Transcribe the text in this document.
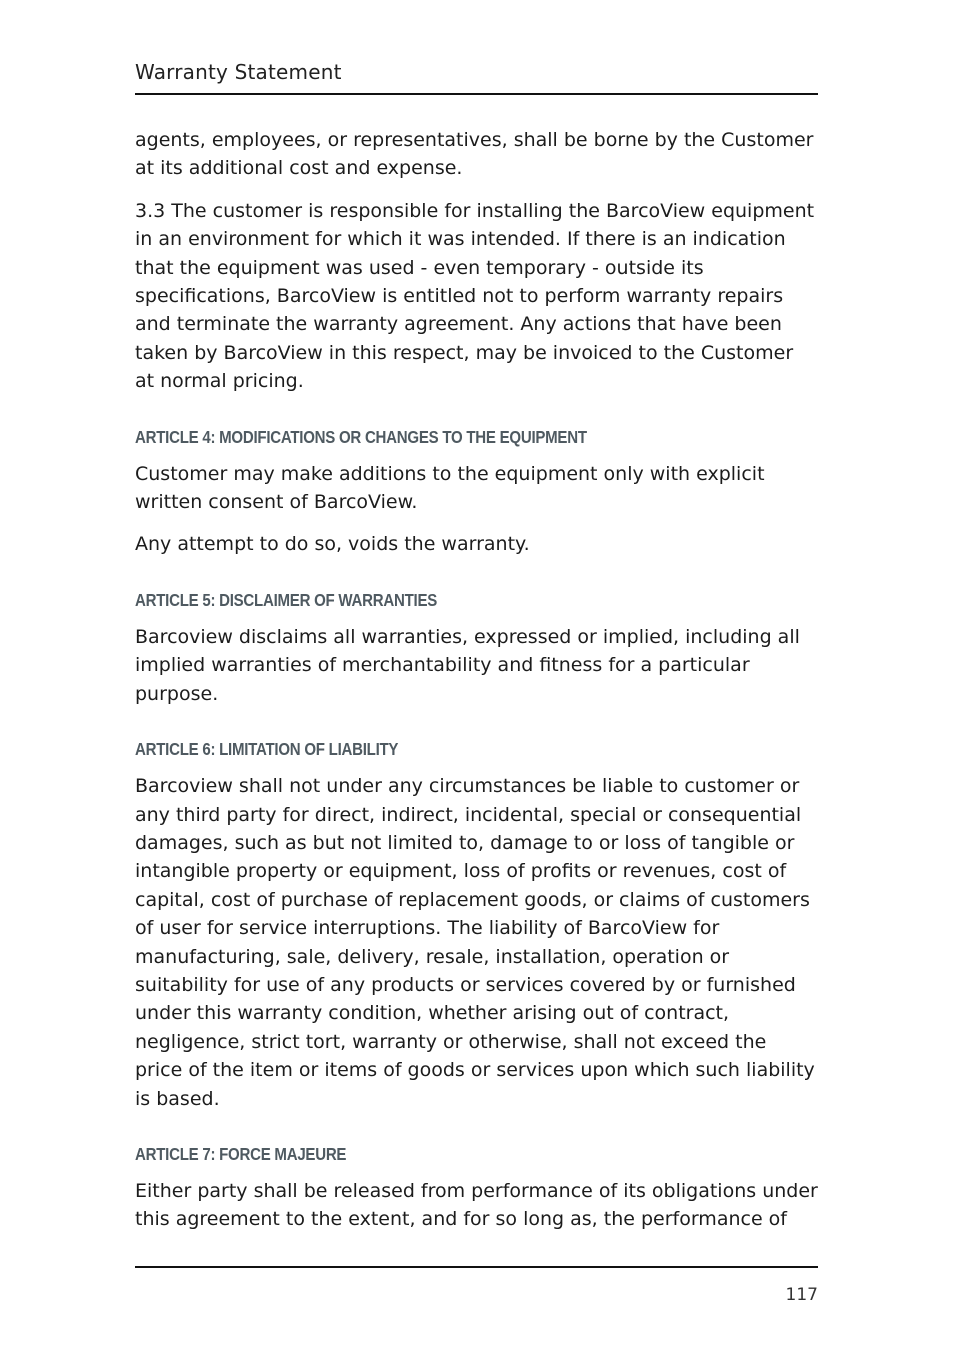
Warranty Statement

agents, employees, or representatives, shall be borne by the Customer at its additional cost and expense.

3.3 The customer is responsible for installing the BarcoView equipment in an environment for which it was intended. If there is an indication that the equipment was used - even temporary - outside its specifications, BarcoView is entitled not to perform warranty repairs and terminate the warranty agreement. Any actions that have been taken by BarcoView in this respect, may be invoiced to the Customer at normal pricing.

ARTICLE 4: MODIFICATIONS OR CHANGES TO THE EQUIPMENT

Customer may make additions to the equipment only with explicit written consent of BarcoView.

Any attempt to do so, voids the warranty.

ARTICLE 5: DISCLAIMER OF WARRANTIES

Barcoview disclaims all warranties, expressed or implied, including all implied warranties of merchantability and fitness for a particular purpose.

ARTICLE 6: LIMITATION OF LIABILITY

Barcoview shall not under any circumstances be liable to customer or any third party for direct, indirect, incidental, special or consequential damages, such as but not limited to, damage to or loss of tangible or intangible property or equipment, loss of profits or revenues, cost of capital, cost of purchase of replacement goods, or claims of customers of user for service interruptions. The liability of BarcoView for manufacturing, sale, delivery, resale, installation, operation or suitability for use of any products or services covered by or furnished under this warranty condition, whether arising out of contract, negligence, strict tort, warranty or otherwise, shall not exceed the price of the item or items of goods or services upon which such liability is based.

ARTICLE 7: FORCE MAJEURE

Either party shall be released from performance of its obligations under this agreement to the extent, and for so long as, the performance of

117
